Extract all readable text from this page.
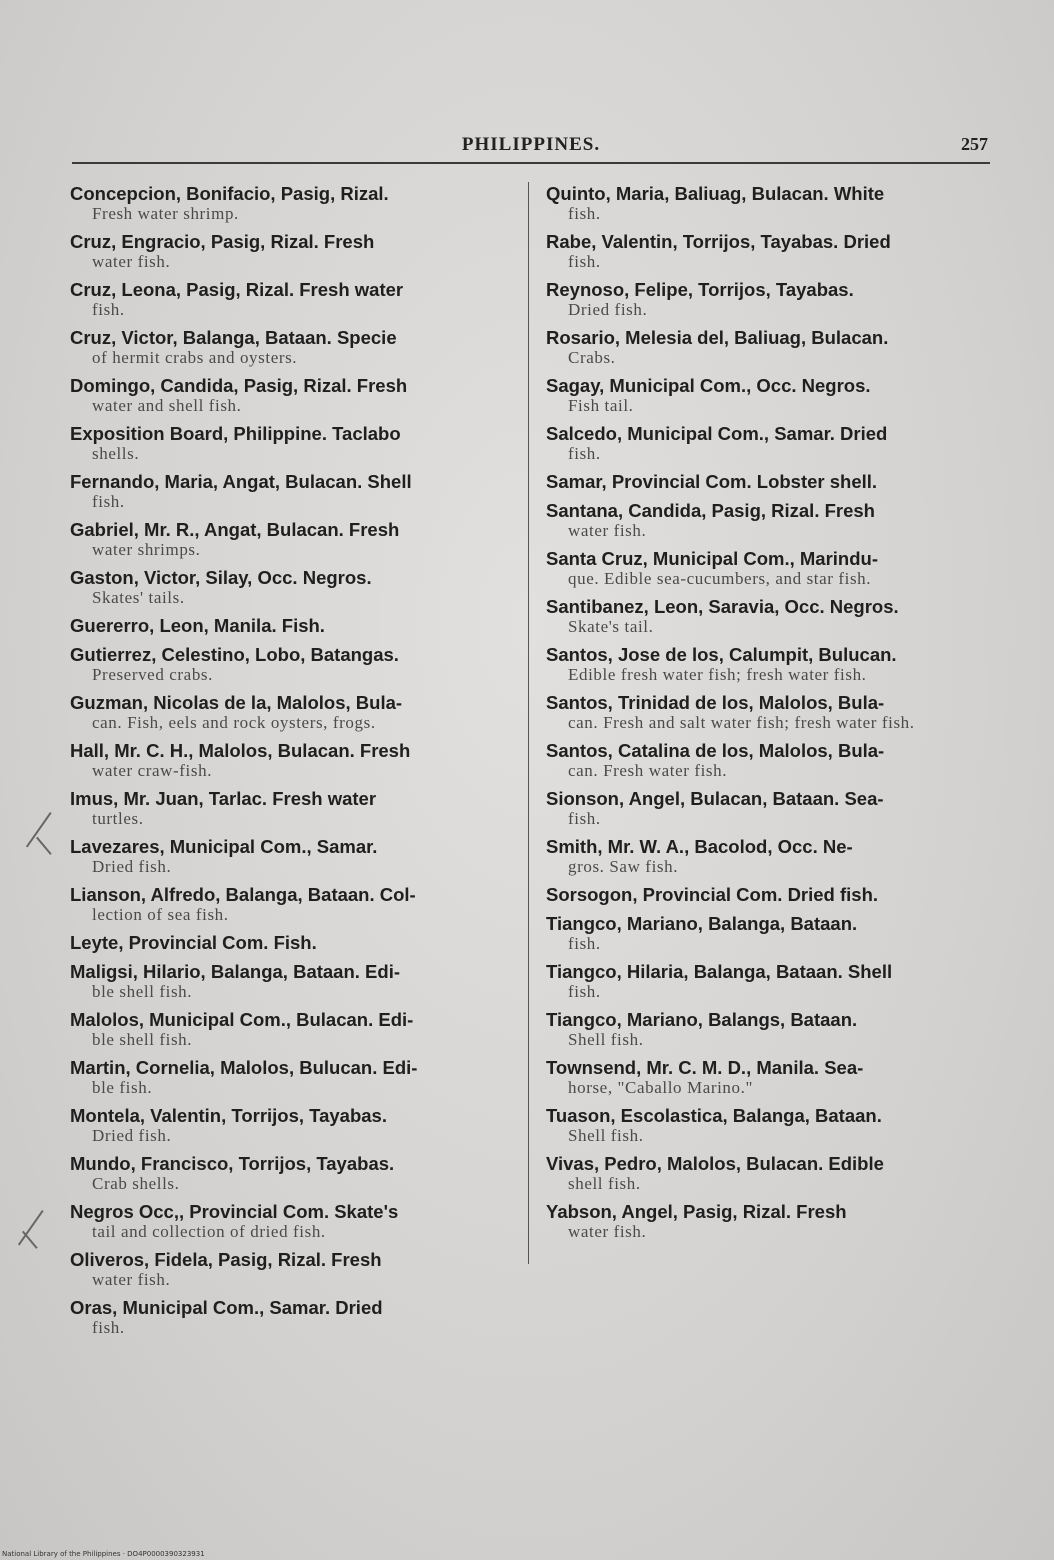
PHILIPPINES.	257
Concepcion, Bonifacio, Pasig, Rizal.
Fresh water shrimp.
Cruz, Engracio, Pasig, Rizal. Fresh
water fish.
Cruz, Leona, Pasig, Rizal. Fresh water
fish.
Cruz, Victor, Balanga, Bataan. Specie
of hermit crabs and oysters.
Domingo, Candida, Pasig, Rizal. Fresh
water and shell fish.
Exposition Board, Philippine. Taclabo
shells.
Fernando, Maria, Angat, Bulacan. Shell
fish.
Gabriel, Mr. R., Angat, Bulacan. Fresh
water shrimps.
Gaston, Victor, Silay, Occ. Negros.
Skates' tails.
Guererro, Leon, Manila. Fish.
Gutierrez, Celestino, Lobo, Batangas.
Preserved crabs.
Guzman, Nicolas de la, Malolos, Bula-
can. Fish, eels and rock oysters, frogs.
Hall, Mr. C. H., Malolos, Bulacan. Fresh
water craw-fish.
Imus, Mr. Juan, Tarlac. Fresh water
turtles.
Lavezares, Municipal Com., Samar.
Dried fish.
Lianson, Alfredo, Balanga, Bataan. Col-
lection of sea fish.
Leyte, Provincial Com. Fish.
Maligsi, Hilario, Balanga, Bataan. Edi-
ble shell fish.
Malolos, Municipal Com., Bulacan. Edi-
ble shell fish.
Martin, Cornelia, Malolos, Bulucan. Edi-
ble fish.
Montela, Valentin, Torrijos, Tayabas.
Dried fish.
Mundo, Francisco, Torrijos, Tayabas.
Crab shells.
Negros Occ,, Provincial Com. Skate's
tail and collection of dried fish.
Oliveros, Fidela, Pasig, Rizal. Fresh
water fish.
Oras, Municipal Com., Samar. Dried
fish.
Quinto, Maria, Baliuag, Bulacan. White
fish.
Rabe, Valentin, Torrijos, Tayabas. Dried
fish.
Reynoso, Felipe, Torrijos, Tayabas.
Dried fish.
Rosario, Melesia del, Baliuag, Bulacan.
Crabs.
Sagay, Municipal Com., Occ. Negros.
Fish tail.
Salcedo, Municipal Com., Samar. Dried
fish.
Samar, Provincial Com. Lobster shell.
Santana, Candida, Pasig, Rizal. Fresh
water fish.
Santa Cruz, Municipal Com., Marindu-
que. Edible sea-cucumbers, and star fish.
Santibanez, Leon, Saravia, Occ. Negros.
Skate's tail.
Santos, Jose de los, Calumpit, Bulucan.
Edible fresh water fish; fresh water fish.
Santos, Trinidad de los, Malolos, Bula-
can. Fresh and salt water fish; fresh water fish.
Santos, Catalina de los, Malolos, Bula-
can. Fresh water fish.
Sionson, Angel, Bulacan, Bataan. Sea-
fish.
Smith, Mr. W. A., Bacolod, Occ. Ne-
gros. Saw fish.
Sorsogon, Provincial Com. Dried fish.
Tiangco, Mariano, Balanga, Bataan.
fish.
Tiangco, Hilaria, Balanga, Bataan. Shell
fish.
Tiangco, Mariano, Balangs, Bataan.
Shell fish.
Townsend, Mr. C. M. D., Manila. Sea-
horse, "Caballo Marino."
Tuason, Escolastica, Balanga, Bataan.
Shell fish.
Vivas, Pedro, Malolos, Bulacan. Edible
shell fish.
Yabson, Angel, Pasig, Rizal. Fresh
water fish.
National Library of the Philippines · DO4P0000390323931
